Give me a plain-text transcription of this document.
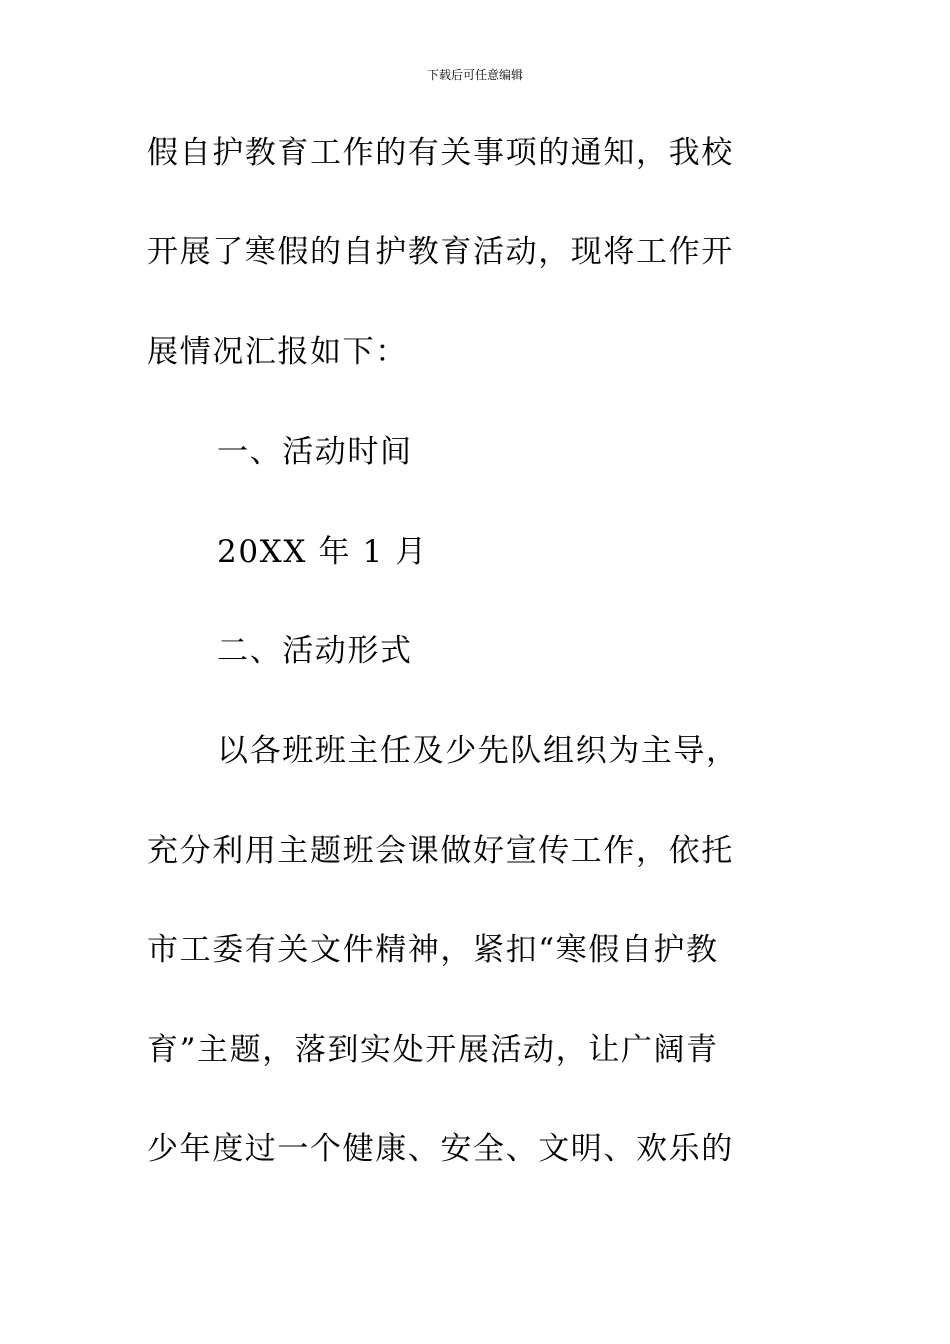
下载后可任意编辑
假自护教育工作的有关事项的通知，我校
开展了寒假的自护教育活动，现将工作开
展情况汇报如下：
一、活动时间
20XX 年 1 月
二、活动形式
以各班班主任及少先队组织为主导，
充分利用主题班会课做好宣传工作，依托
市工委有关文件精神，紧扣“寒假自护教
育”主题，落到实处开展活动，让广阔青
少年度过一个健康、安全、文明、欢乐的
